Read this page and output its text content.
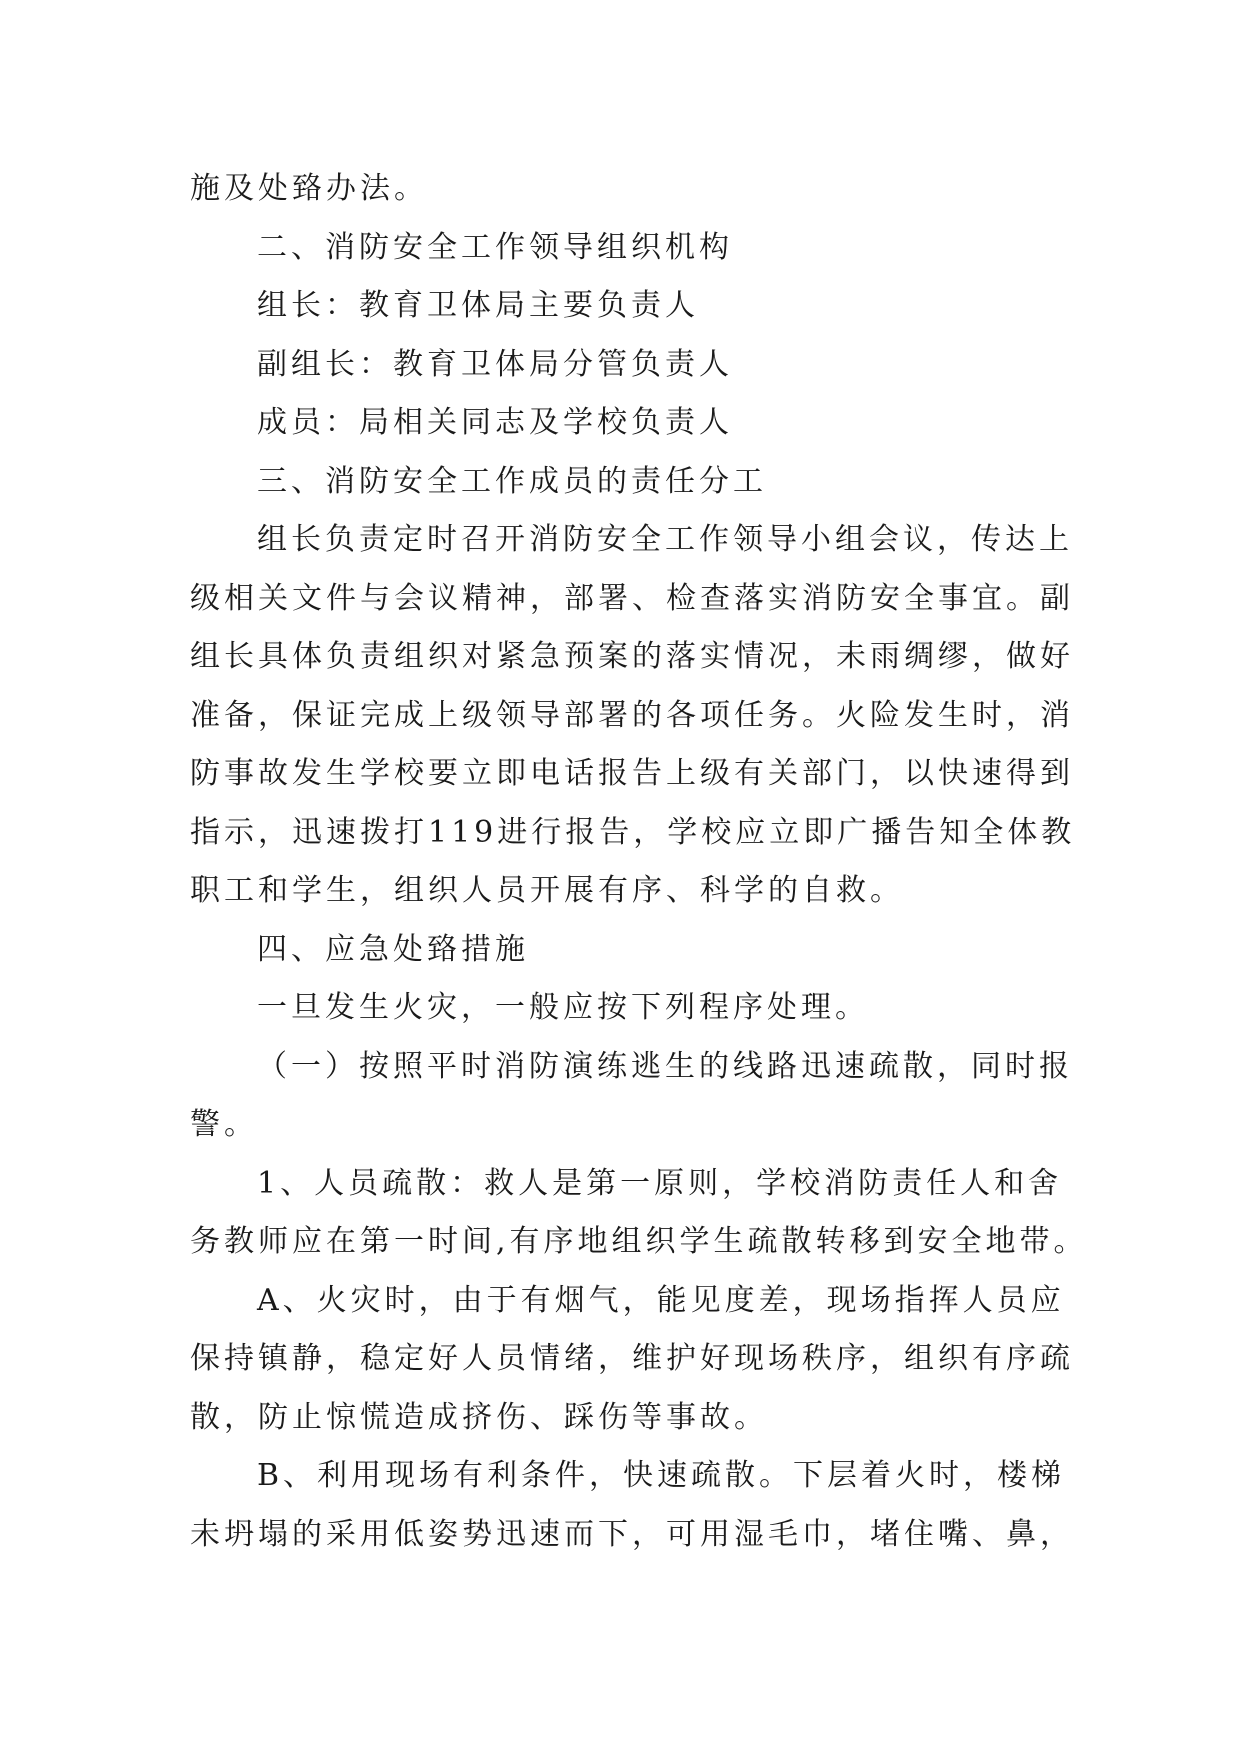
施及处臵办法。
二、消防安全工作领导组织机构
组长：教育卫体局主要负责人
副组长：教育卫体局分管负责人
成员：局相关同志及学校负责人
三、消防安全工作成员的责任分工
组长负责定时召开消防安全工作领导小组会议，传达上
级相关文件与会议精神，部署、检查落实消防安全事宜。副
组长具体负责组织对紧急预案的落实情况，未雨绸缪，做好
准备，保证完成上级领导部署的各项任务。火险发生时，消
防事故发生学校要立即电话报告上级有关部门，以快速得到
指示，迅速拨打119进行报告，学校应立即广播告知全体教
职工和学生，组织人员开展有序、科学的自救。
四、应急处臵措施
一旦发生火灾，一般应按下列程序处理。
（一）按照平时消防演练逃生的线路迅速疏散，同时报
警。
1、人员疏散：救人是第一原则，学校消防责任人和舍
务教师应在第一时间,有序地组织学生疏散转移到安全地带。
A、火灾时，由于有烟气，能见度差，现场指挥人员应
保持镇静，稳定好人员情绪，维护好现场秩序，组织有序疏
散，防止惊慌造成挤伤、踩伤等事故。
B、利用现场有利条件，快速疏散。下层着火时，楼梯
未坍塌的采用低姿势迅速而下，可用湿毛巾，堵住嘴、鼻，
